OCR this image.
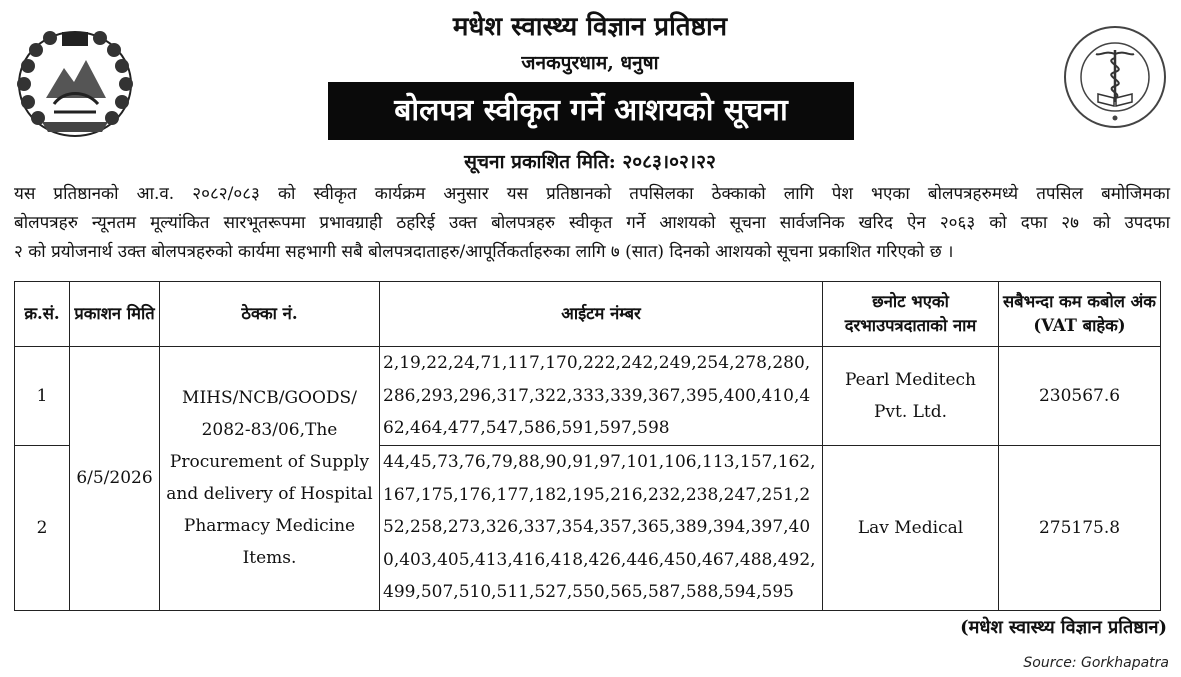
मधेश स्वास्थ्य विज्ञान प्रतिष्ठान
जनकपुरधाम, धनुषा
बोलपत्र स्वीकृत गर्ने आशयको सूचना
सूचना प्रकाशित मिति: २०८३।०२।२२
यस प्रतिष्ठानको आ.व. २०८२/०८३ को स्वीकृत कार्यक्रम अनुसार यस प्रतिष्ठानको तपसिलका ठेक्काको लागि पेश भएका बोलपत्रहरुमध्ये तपसिल बमोजिमका
बोलपत्रहरु न्यूनतम मूल्यांकित सारभूतरूपमा प्रभावग्राही ठहरिई उक्त बोलपत्रहरु स्वीकृत गर्ने आशयको सूचना सार्वजनिक खरिद ऐन २०६३ को दफा २७ को उपदफा
२ को प्रयोजनार्थ उक्त बोलपत्रहरुको कार्यमा सहभागी सबै बोलपत्रदाताहरु/आपूर्तिकर्ताहरुका लागि ७ (सात) दिनको आशयको सूचना प्रकाशित गरिएको छ ।
क्र.सं.	प्रकाशन मिति	ठेक्का नं.	आईटम नंम्बर	छनोट भएको दरभाउपत्रदाताको नाम	सबैभन्दा कम कबोल अंक (VAT बाहेक)
1	6/5/2026	MIHS/NCB/GOODS/ 2082-83/06,The Procurement of Supply and delivery of Hospital Pharmacy Medicine Items.	2,19,22,24,71,117,170,222,242,249,254,278,280,286,293,296,317,322,333,339,367,395,400,410,462,464,477,547,586,591,597,598	Pearl Meditech Pvt. Ltd.	230567.6
2			44,45,73,76,79,88,90,91,97,101,106,113,157,162,167,175,176,177,182,195,216,232,238,247,251,252,258,273,326,337,354,357,365,389,394,397,400,403,405,413,416,418,426,446,450,467,488,492,499,507,510,511,527,550,565,587,588,594,595	Lav Medical	275175.8
(मधेश स्वास्थ्य विज्ञान प्रतिष्ठान)
Source: Gorkhapatra
